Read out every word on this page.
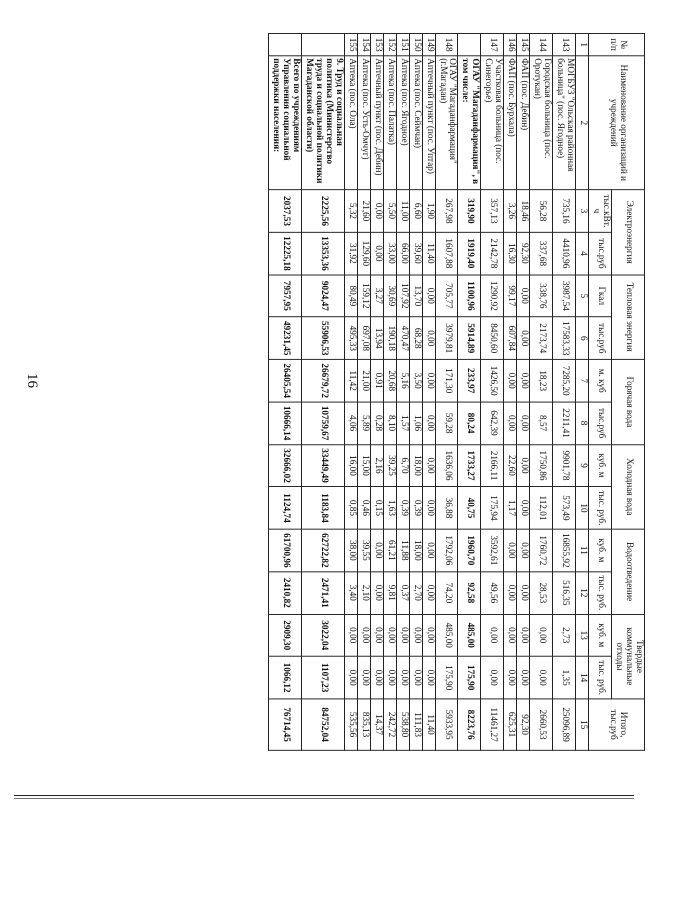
16
№ п/п	Наименование организаций и учреждений	Электроэнергия		Тепловая энергия		Горячая вода		Холодная вода		Водоотведение		Твердые коммунальные отходы		Итого, тыс.руб
		тыс.кВт. ч	тыс.руб	Гкал	тыс.руб	м. куб	тыс.руб	куб. м	тыс. руб.	куб. м	тыс. руб.	куб. м	тыс. руб.	
1	2	3	4	5	6	7	8	9	10	11	12	13	14	15
143	МОГБУЗ "Ольская районная больница" (пос. Ягодное)	735,16	4410,96	3987,54	17583,33	7285,20	2211,41	9901,78	573,49	16855,92	516,35	2,73	1,35	25096,89
144	Городская больница (пос. Оротукан)	56,28	337,68	338,76	2173,74	18,23	8,57	1750,86	112,01	1760,72	28,53	0,00	0,00	2660,53
145	ФАП (пос. Дебин)	18,46	92,30	0,00	0,00	0,00	0,00	0,00	0,00	0,00	0,00	0,00	0,00	92,30
146	ФАП (пос. Бурхала)	3,26	16,30	99,17	607,84	0,00	0,00	22,60	1,17	0,00	0,00	0,00	0,00	625,31
147	Участковая больница (пос. Синегорье)	357,13	2142,78	1290,92	8450,60	1426,50	642,39	2166,11	175,94	3592,61	49,56	0,00	0,00	11461,27
	ОГАУ "Магаданфармация", в том числе:	319,90	1919,40	1100,96	5914,89	233,97	80,24	1733,27	40,75	1960,70	92,58	485,00	175,90	8223,76
148	ОГАУ "Магаданфармация" (г.Магадан)	267,98	1607,88	705,77	3979,81	171,30	59,28	1636,06	36,88	1792,06	74,20	485,00	175,90	5933,95
149	Аптечный пункт (пос. Уптар)	1,90	11,40	0,00	0,00	0,00	0,00	0,00	0,00	0,00	0,00	0,00	0,00	11,40
150	Аптека (пос. Сеймчан)	6,60	39,60	13,70	68,28	3,50	1,06	18,00	0,39	18,00	2,70	0,00	0,00	111,83
151	Аптека (пос. Ягодное)	11,00	66,00	107,92	470,47	5,16	1,57	6,70	0,39	11,88	0,37	0,00	0,00	538,80
152	Аптека (пос. Палатка)	5,50	33,00	30,69	190,18	20,68	8,10	39,25	1,63	61,21	9,81	0,00	0,00	242,72
153	Аптечный пункт (пос. Дебин)	0,00	0,00	3,27	13,94	0,91	0,28	2,16	0,15	0,00	0,00	0,00	0,00	14,37
154	Аптека (пос. Усть-Омчуг)	21,60	129,60	159,12	697,08	21,00	5,89	15,00	0,46	39,55	2,10	0,00	0,00	835,13
155	Аптека (пос. Ола)	5,32	31,92	80,49	495,33	11,42	4,06	16,00	0,85	38,00	3,40	0,00	0,00	535,56
	9. Труд и социальная политика (Министерство труда и социальной политики Магаданской области)	2225,56	13353,36	9024,47	55906,53	26679,72	10759,67	33449,49	1183,84	62722,82	2471,41	3022,04	1107,23	84752,04
	Всего по учреждениям Управления социальной поддержки населения:	2037,53	12225,18	7957,95	49231,45	26405,54	10666,14	32666,02	1124,74	61700,96	2410,82	2909,30	1066,12	76714,45
